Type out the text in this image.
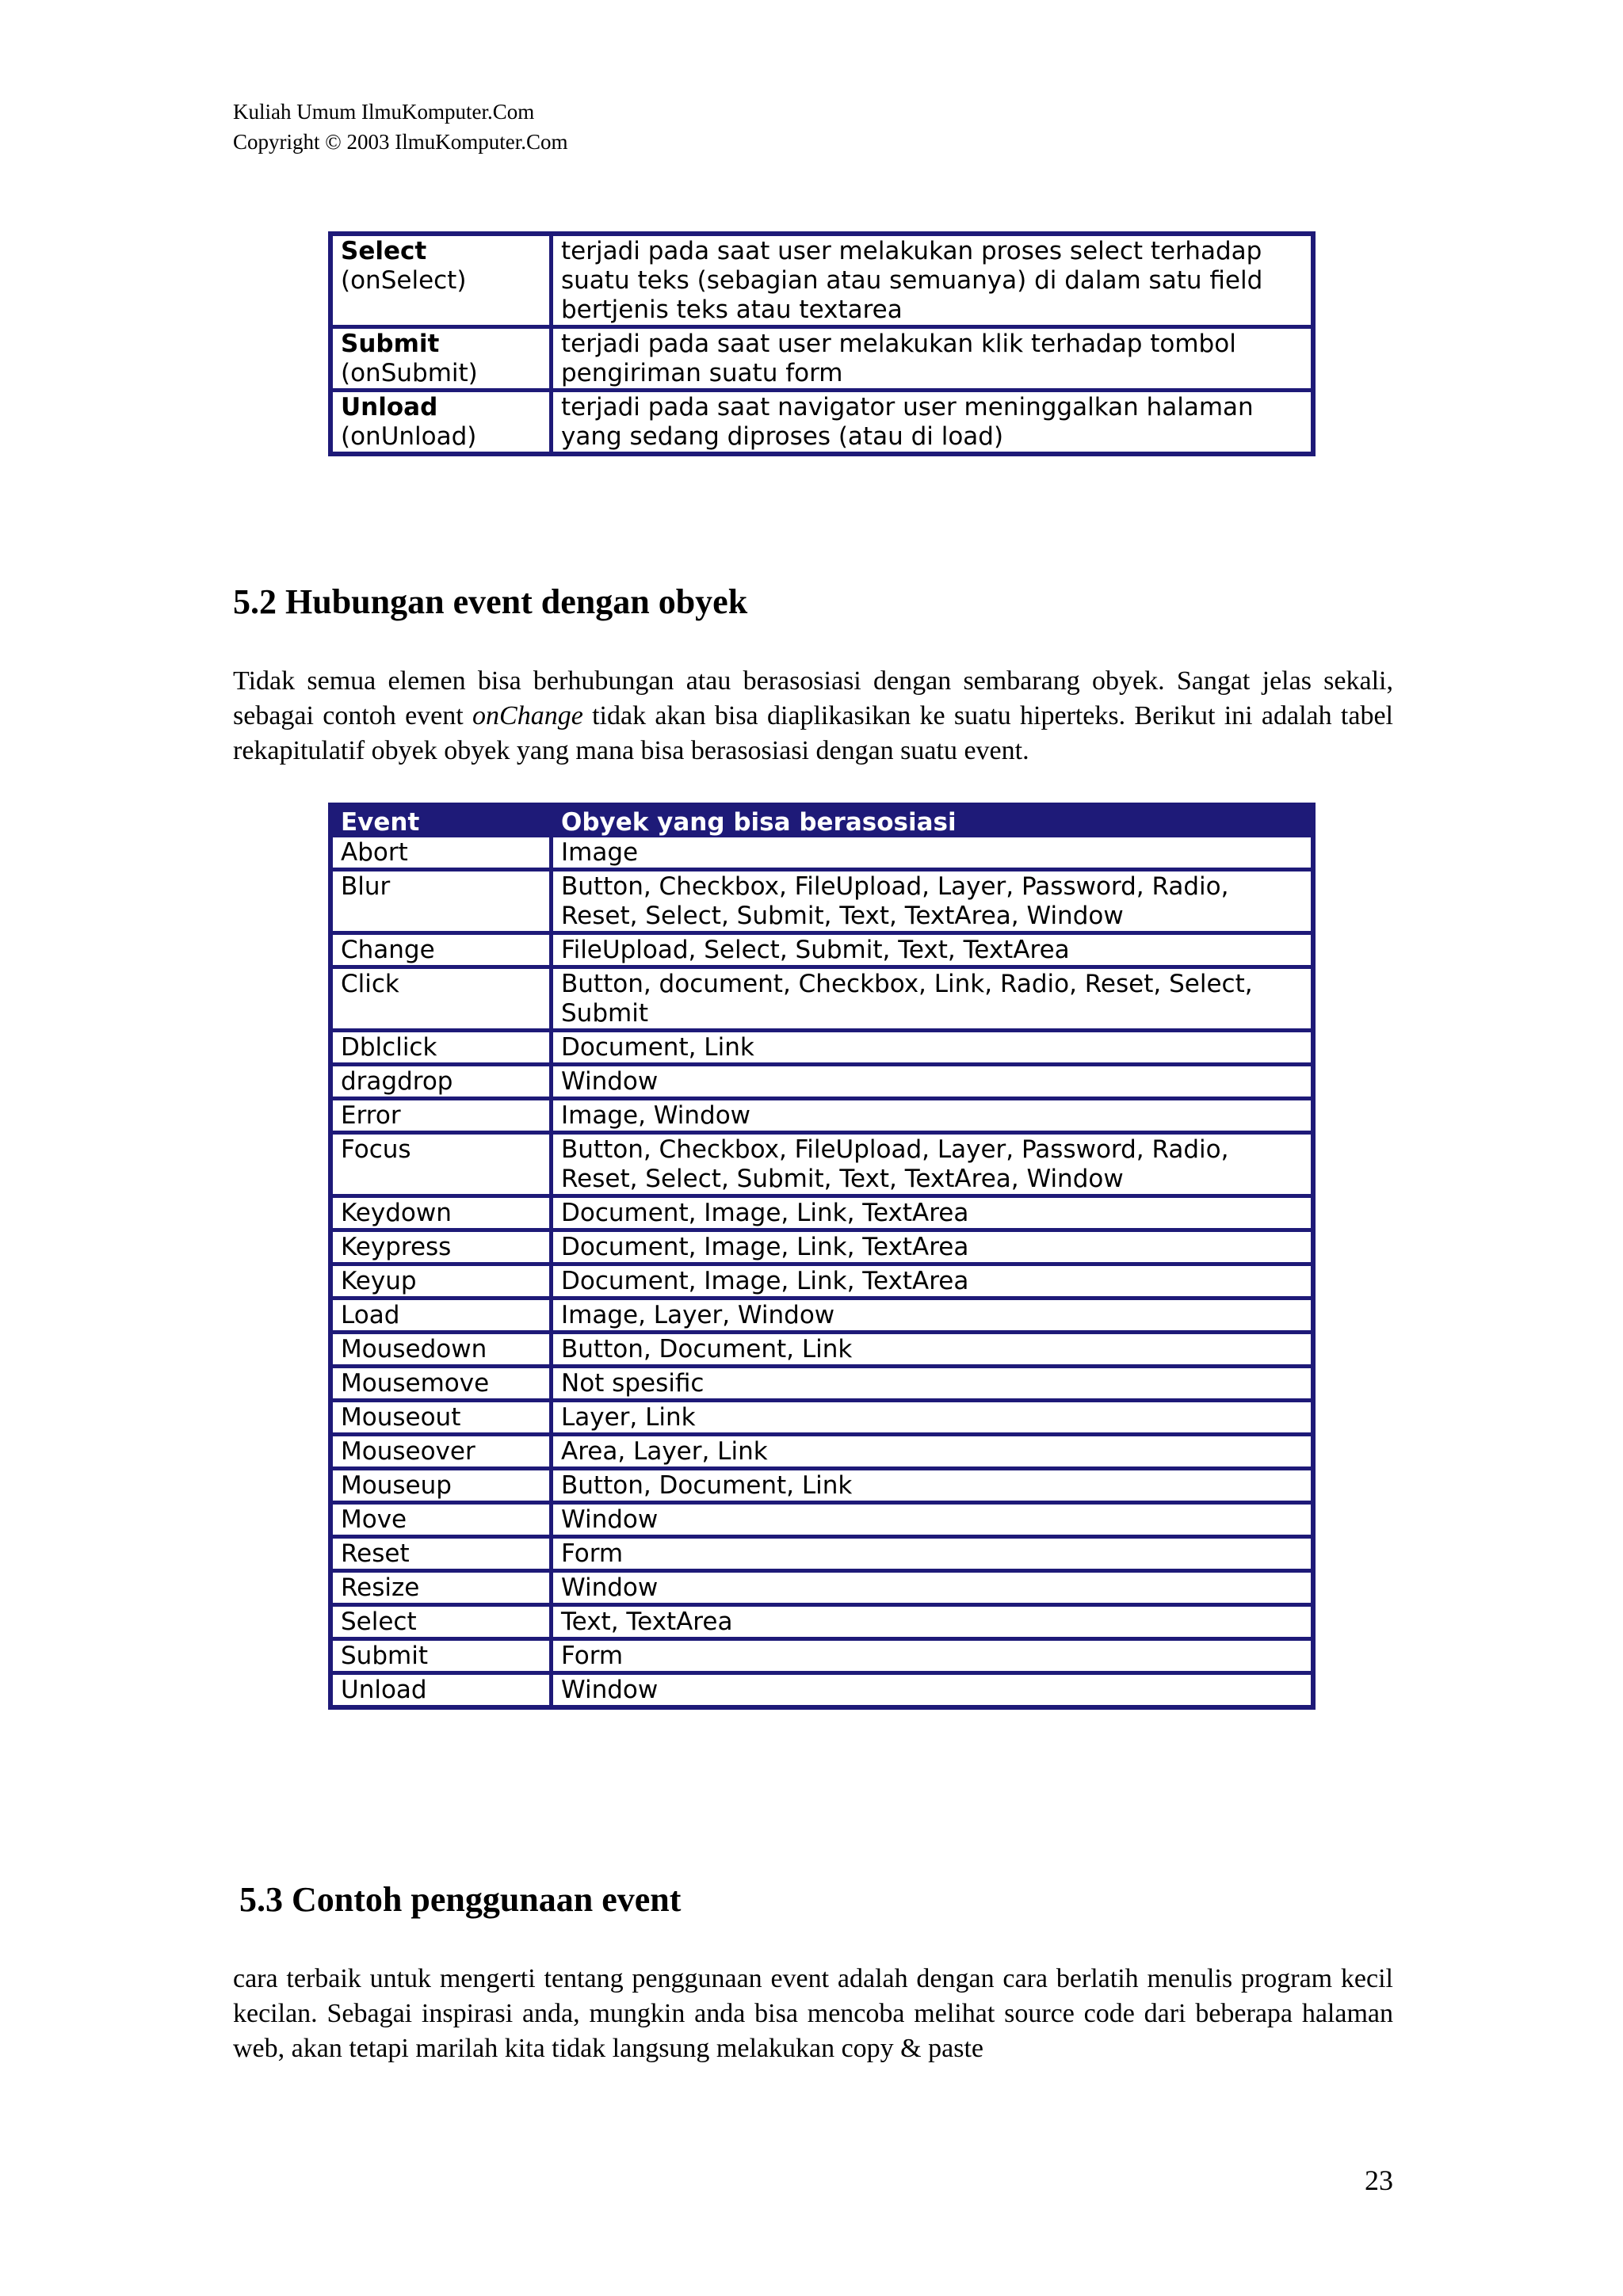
Kuliah Umum IlmuKomputer.Com
Copyright © 2003 IlmuKomputer.Com
Select
(onSelect)	terjadi pada saat user melakukan proses select terhadap suatu teks (sebagian atau semuanya) di dalam satu field bertjenis teks atau textarea

Submit
(onSubmit)	terjadi pada saat user melakukan klik terhadap tombol pengiriman suatu form

Unload
(onUnload)	terjadi pada saat navigator user meninggalkan halaman yang sedang diproses (atau di load)
5.2 Hubungan event dengan obyek

Tidak semua elemen bisa berhubungan atau berasosiasi dengan sembarang obyek. Sangat jelas sekali, sebagai contoh event onChange tidak akan bisa diaplikasikan ke suatu hiperteks. Berikut ini adalah tabel rekapitulatif obyek obyek yang mana bisa berasosiasi dengan suatu event.

Event	Obyek yang bisa berasosiasi
Abort	Image
Blur	Button, Checkbox, FileUpload, Layer, Password, Radio, Reset, Select, Submit, Text, TextArea, Window
Change	FileUpload, Select, Submit, Text, TextArea
Click	Button, document, Checkbox, Link, Radio, Reset, Select, Submit
Dblclick	Document, Link
dragdrop	Window
Error	Image, Window
Focus	Button, Checkbox, FileUpload, Layer, Password, Radio, Reset, Select, Submit, Text, TextArea, Window
Keydown	Document, Image, Link, TextArea
Keypress	Document, Image, Link, TextArea
Keyup	Document, Image, Link, TextArea
Load	Image, Layer, Window
Mousedown	Button, Document, Link
Mousemove	Not spesific
Mouseout	Layer, Link
Mouseover	Area, Layer, Link
Mouseup	Button, Document, Link
Move	Window
Reset	Form
Resize	Window
Select	Text, TextArea
Submit	Form
Unload	Window
5.3 Contoh penggunaan event

cara terbaik untuk mengerti tentang penggunaan event adalah dengan cara berlatih menulis program kecil kecilan. Sebagai inspirasi anda, mungkin anda bisa mencoba melihat source code dari beberapa halaman web, akan tetapi marilah kita tidak langsung melakukan copy & paste

23
